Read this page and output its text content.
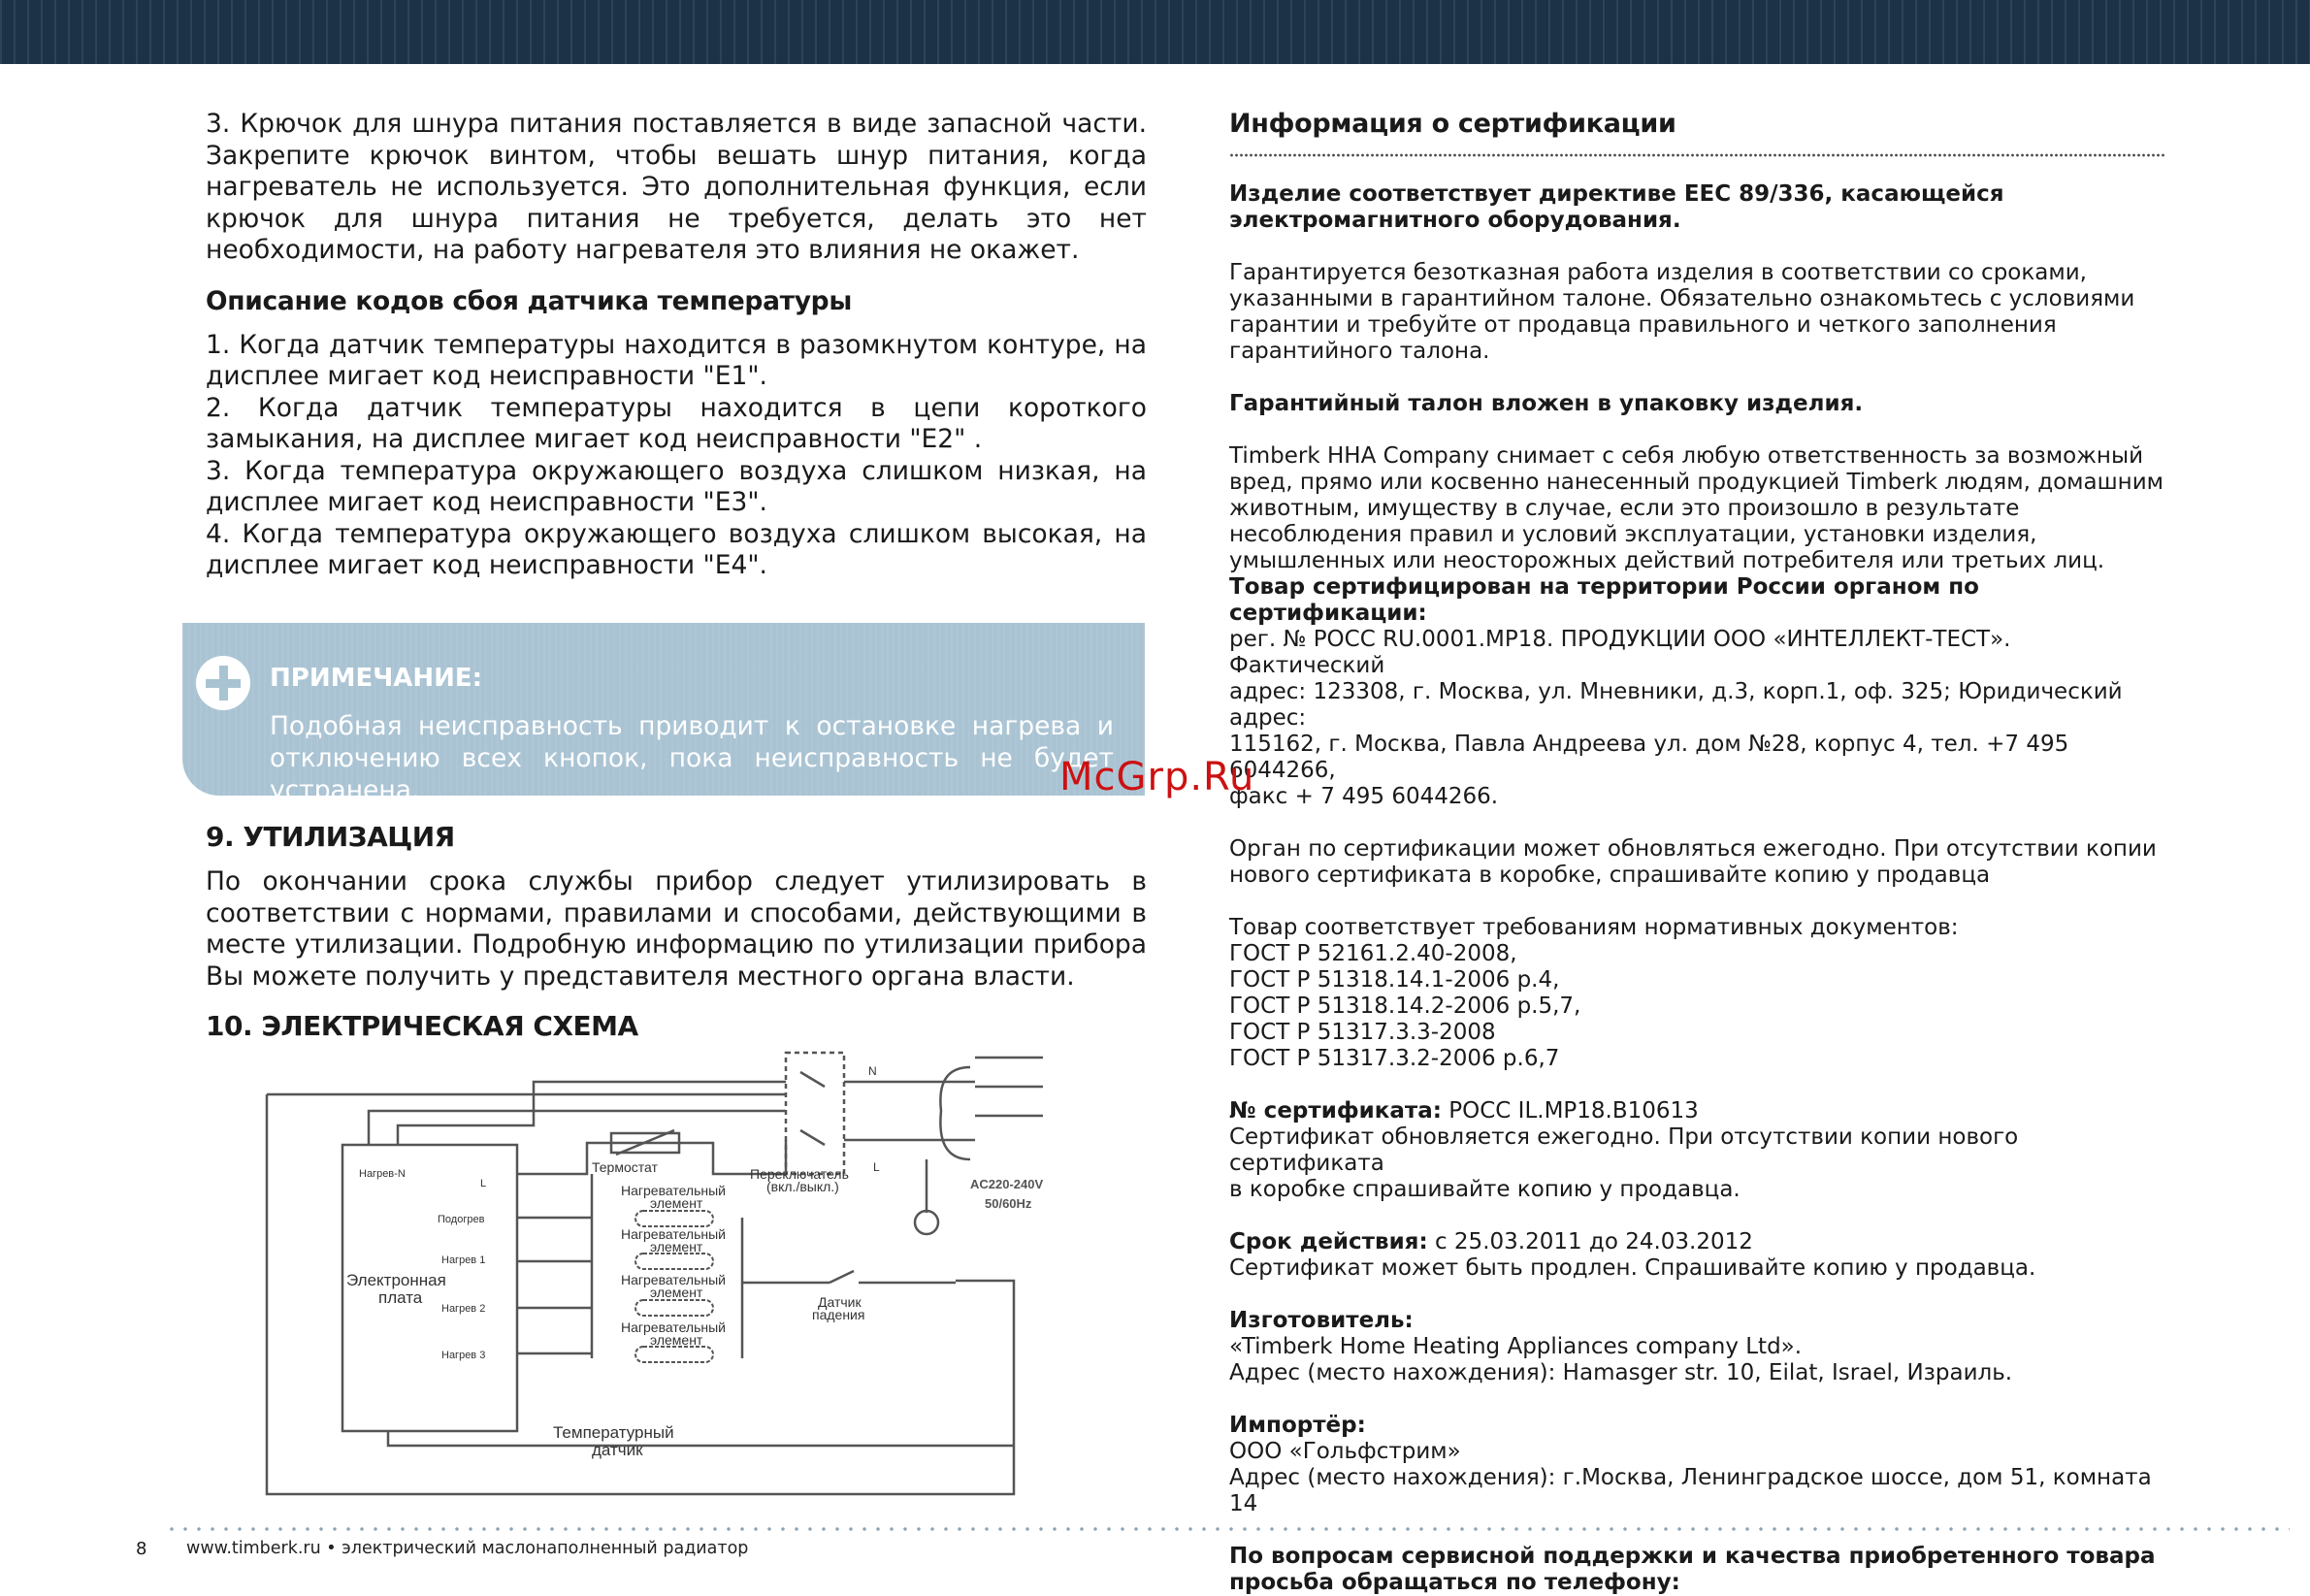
3. Крючок для шнура питания поставляется в виде запасной части. Закрепите крючок винтом, чтобы вешать шнур питания, когда нагреватель не используется. Это дополнительная функция, если крючок для шнура питания не требуется, делать это нет необходимости, на работу нагревателя это влияния не окажет.

Описание кодов сбоя датчика температуры

1. Когда датчик температуры находится в разомкнутом контуре, на дисплее мигает код неисправности "E1".

2. Когда датчик температуры находится в цепи короткого замыкания, на дисплее мигает код неисправности "E2" .

3. Когда температура окружающего воздуха слишком низкая, на дисплее мигает код неисправности "E3".

4. Когда температура окружающего воздуха слишком высокая, на дисплее мигает код неисправности "E4".

ПРИМЕЧАНИЕ:
Подобная неисправность приводит к остановке нагрева и отключению всех кнопок, пока неисправность не будет устранена.

9. УТИЛИЗАЦИЯ

По окончании срока службы прибор следует утилизировать в соответствии с нормами, правилами и способами, действующими в месте утилизации. Подробную информацию по утилизации прибора Вы можете получить у представителя местного органа власти.

10. ЭЛЕКТРИЧЕСКАЯ СХЕМА

Нагрев-N
L
Подогрев
Нагрев 1
Нагрев 2
Нагрев 3
Электронная
плата
Термостат
Нагревательный
элемент
Нагревательный
элемент
Нагревательный
элемент
Нагревательный
элемент
Переключатель
(вкл./выкл.)	AC220-240V
50/60Hz
N
L
Датчик
падения
Температурный
датчик

Информация о сертификации

Изделие соответствует директиве ЕЕС 89/336, касающейся

электромагнитного оборудования.

Гарантируется безотказная работа изделия в соответствии со сроками,

указанными в гарантийном талоне. Обязательно ознакомьтесь с условиями

гарантии и требуйте от продавца правильного и четкого заполнения

гарантийного талона.

Гарантийный талон вложен в упаковку изделия.

Timberk HHA Company снимает с себя любую ответственность за возможный

вред, прямо или косвенно нанесенный продукцией Timberk людям, домашним

животным, имуществу в случае, если это произошло в результате

несоблюдения правил и условий эксплуатации, установки изделия,

умышленных или неосторожных действий потребителя или третьих лиц.

Товар сертифицирован на территории России органом по сертификации:

рег. № РОСС RU.0001.MP18. ПРОДУКЦИИ ООО «ИНТЕЛЛЕКТ-ТЕСТ». Фактический

адрес: 123308, г. Москва, ул. Мневники, д.3, корп.1, оф. 325; Юридический адрес:

115162, г. Москва, Павла Андреева ул. дом №28, корпус 4, тел. +7 495 6044266,

факс + 7 495 6044266.

Орган по сертификации может обновляться ежегодно. При отсутствии копии

нового сертификата в коробке, спрашивайте копию у продавца

Товар соответствует требованиям нормативных документов:

ГОСТ Р 52161.2.40-2008,

ГОСТ Р 51318.14.1-2006 р.4,

ГОСТ Р 51318.14.2-2006 р.5,7,

ГОСТ Р 51317.3.3-2008

ГОСТ Р 51317.3.2-2006 р.6,7

№ сертификата: РОСС IL.MP18.B10613

Сертификат обновляется ежегодно. При отсутствии копии нового сертификата

в коробке спрашивайте копию у продавца.

Срок действия: с 25.03.2011 до 24.03.2012

Сертификат может быть продлен. Спрашивайте копию у продавца.

Изготовитель:

«Timberk Home Heating Appliances company Ltd».

Адрес (место нахождения): Hamasger str. 10, Eilat, Israel, Израиль.

Импортёр:

ООО «Гольфстрим»

Адрес (место нахождения): г.Москва, Ленинградское шоссе, дом 51, комната 14

По вопросам сервисной поддержки и качества приобретенного товара

просьба обращаться по телефону:

McGrp.Ru
8 www.timberk.ru • электрический маслонаполненный радиатор
